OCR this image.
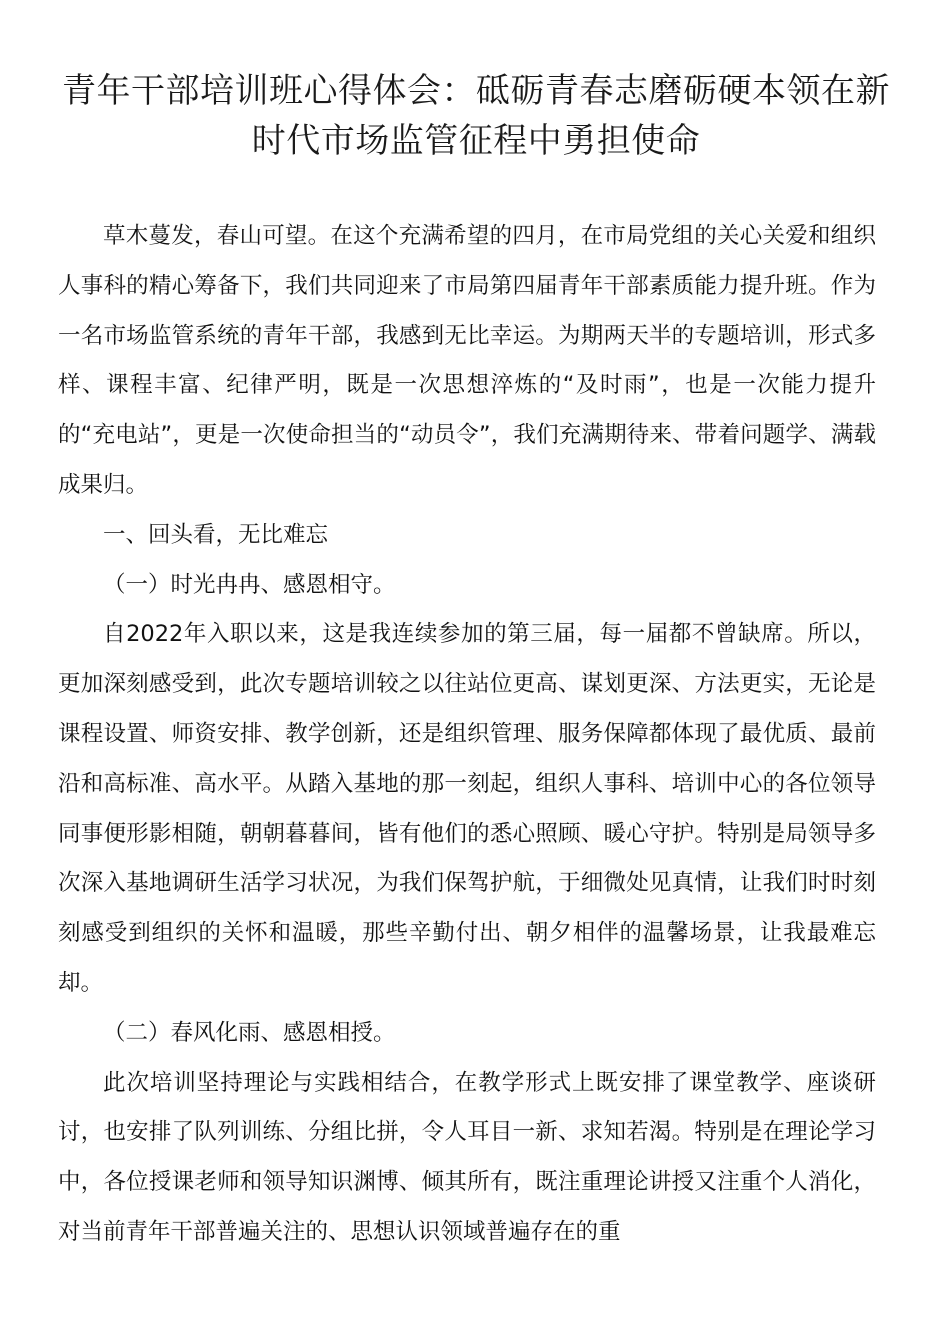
青年干部培训班心得体会：砥砺青春志磨砺硬本领在新时代市场监管征程中勇担使命

草木蔓发，春山可望。在这个充满希望的四月，在市局党组的关心关爱和组织人事科的精心筹备下，我们共同迎来了市局第四届青年干部素质能力提升班。作为一名市场监管系统的青年干部，我感到无比幸运。为期两天半的专题培训，形式多样、课程丰富、纪律严明，既是一次思想淬炼的“及时雨”，也是一次能力提升的“充电站”，更是一次使命担当的“动员令”，我们充满期待来、带着问题学、满载成果归。

一、回头看，无比难忘

（一）时光冉冉、感恩相守。

自2022年入职以来，这是我连续参加的第三届，每一届都不曾缺席。所以，更加深刻感受到，此次专题培训较之以往站位更高、谋划更深、方法更实，无论是课程设置、师资安排、教学创新，还是组织管理、服务保障都体现了最优质、最前沿和高标准、高水平。从踏入基地的那一刻起，组织人事科、培训中心的各位领导同事便形影相随，朝朝暮暮间，皆有他们的悉心照顾、暖心守护。特别是局领导多次深入基地调研生活学习状况，为我们保驾护航，于细微处见真情，让我们时时刻刻感受到组织的关怀和温暖，那些辛勤付出、朝夕相伴的温馨场景，让我最难忘却。

（二）春风化雨、感恩相授。

此次培训坚持理论与实践相结合，在教学形式上既安排了课堂教学、座谈研讨，也安排了队列训练、分组比拼，令人耳目一新、求知若渴。特别是在理论学习中，各位授课老师和领导知识渊博、倾其所有，既注重理论讲授又注重个人消化，对当前青年干部普遍关注的、思想认识领域普遍存在的重
